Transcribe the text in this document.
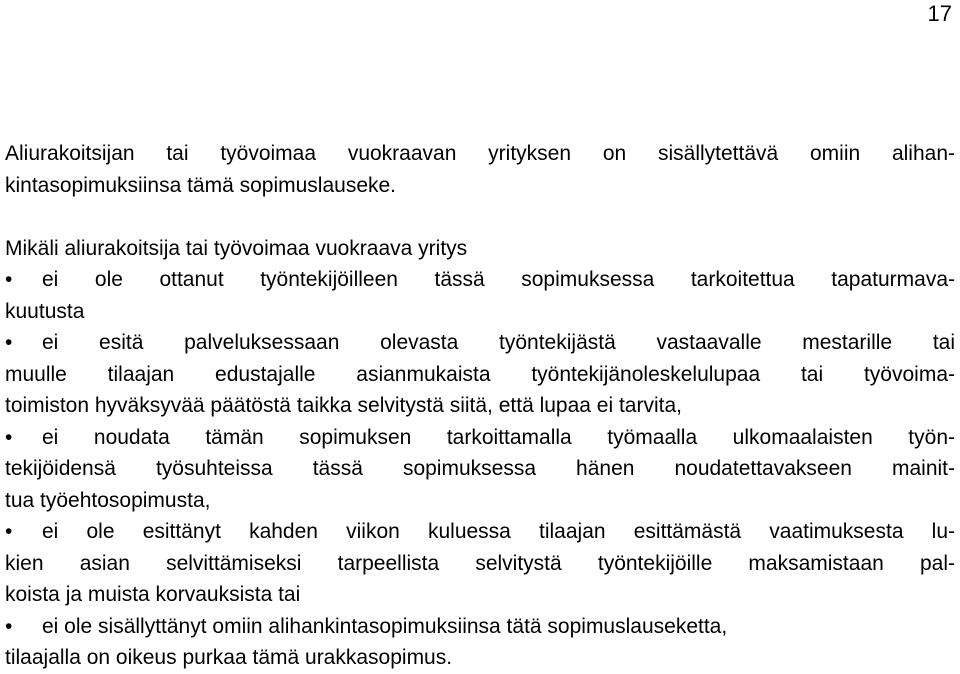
17
Aliurakoitsijan tai työvoimaa vuokraavan yrityksen on sisällytettävä omiin alihan-
kintasopimuksiinsa tämä sopimuslauseke.
Mikäli aliurakoitsija tai työvoimaa vuokraava yritys
•	ei ole ottanut työntekijöilleen tässä sopimuksessa tarkoitettua tapaturmava-
kuutusta
•	ei esitä palveluksessaan olevasta työntekijästä vastaavalle mestarille tai
muulle tilaajan edustajalle asianmukaista työntekijänoleskelulupaa tai työvoima-
toimiston hyväksyvää päätöstä taikka selvitystä siitä, että lupaa ei tarvita,
•	ei noudata tämän sopimuksen tarkoittamalla työmaalla ulkomaalaisten työn-
tekijöidensä työsuhteissa tässä sopimuksessa hänen noudatettavakseen mainit-
tua työehtosopimusta,
•	ei ole esittänyt kahden viikon kuluessa tilaajan esittämästä vaatimuksesta lu-
kien asian selvittämiseksi tarpeellista selvitystä työntekijöille maksamistaan pal-
koista ja muista korvauksista tai
•	ei ole sisällyttänyt omiin alihankintasopimuksiinsa tätä sopimuslauseketta,
tilaajalla on oikeus purkaa tämä urakkasopimus.
